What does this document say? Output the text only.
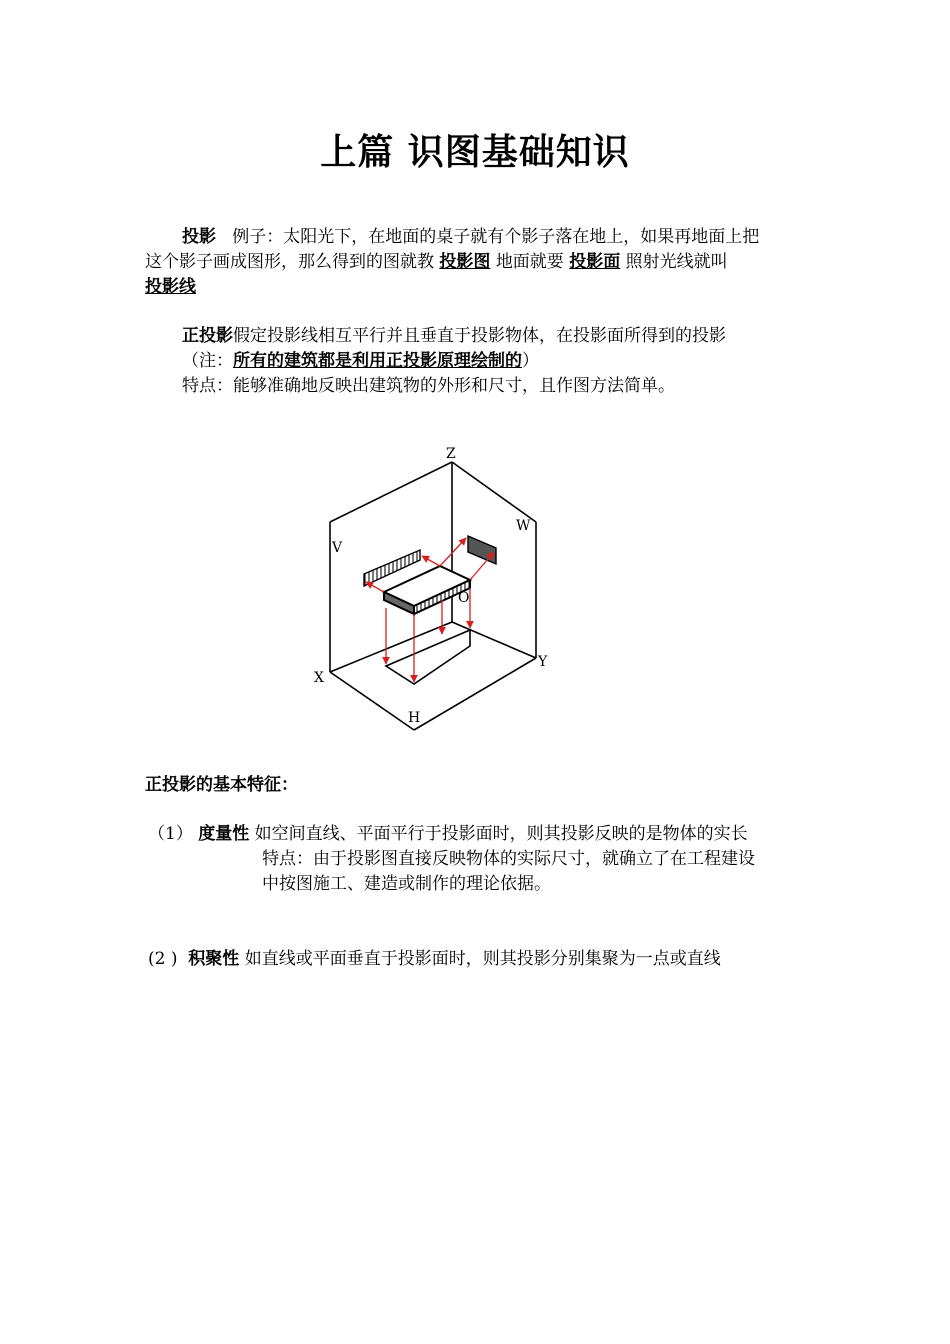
上篇 识图基础知识
投影 例子：太阳光下，在地面的桌子就有个影子落在地上，如果再地面上把
这个影子画成图形，那么得到的图就教 投影图 地面就要 投影面 照射光线就叫
投影线
正投影假定投影线相互平行并且垂直于投影物体，在投影面所得到的投影
（注：所有的建筑都是利用正投影原理绘制的）
特点：能够准确地反映出建筑物的外形和尺寸，且作图方法简单。
Z
W
V
O
X
Y
H
正投影的基本特征：
（1） 度量性 如空间直线、平面平行于投影面时，则其投影反映的是物体的实长
特点：由于投影图直接反映物体的实际尺寸，就确立了在工程建设
中按图施工、建造或制作的理论依据。
(2 ) 积聚性 如直线或平面垂直于投影面时，则其投影分别集聚为一点或直线
